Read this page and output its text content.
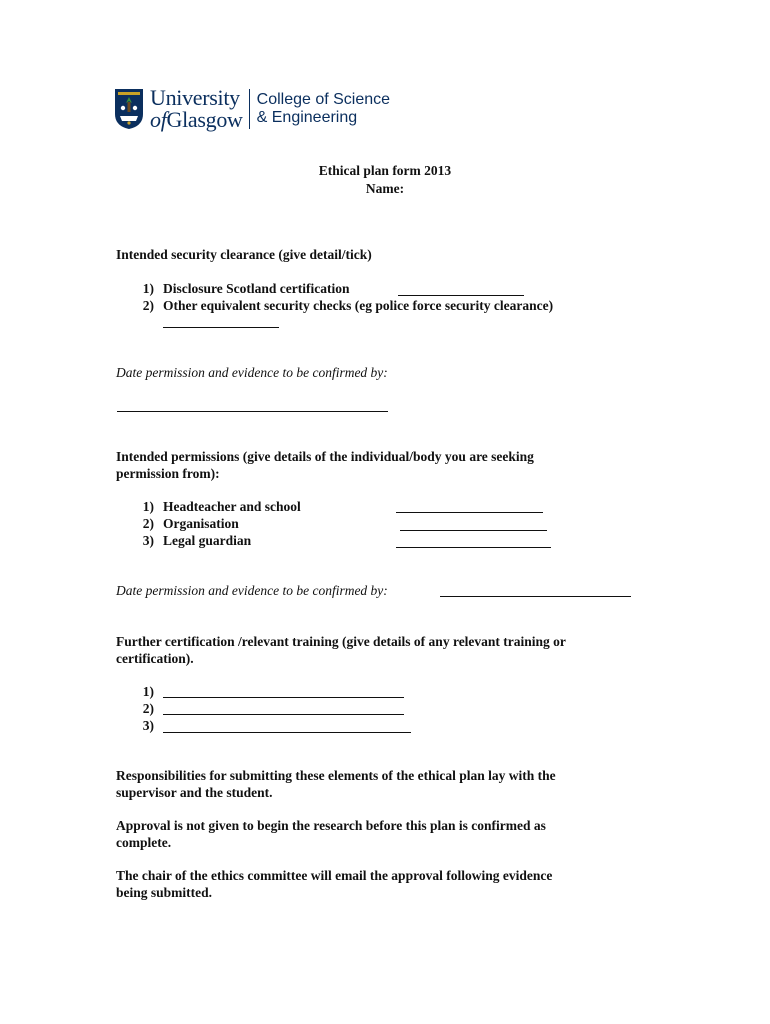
University
ofGlasgow
College of Science
& Engineering
Ethical plan form 2013
Name:
Intended security clearance (give detail/tick)
1) Disclosure Scotland certification
2) Other equivalent security checks (eg police force security clearance)
Date permission and evidence to be confirmed by:
Intended permissions (give details of the individual/body you are seeking
permission from):
1) Headteacher and school
2) Organisation
3) Legal guardian
Date permission and evidence to be confirmed by:
Further certification /relevant training (give details of any relevant training or
certification).
1)
2)
3)
Responsibilities for submitting these elements of the ethical plan lay with the
supervisor and the student.
Approval is not given to begin the research before this plan is confirmed as
complete.
The chair of the ethics committee will email the approval following evidence
being submitted.
